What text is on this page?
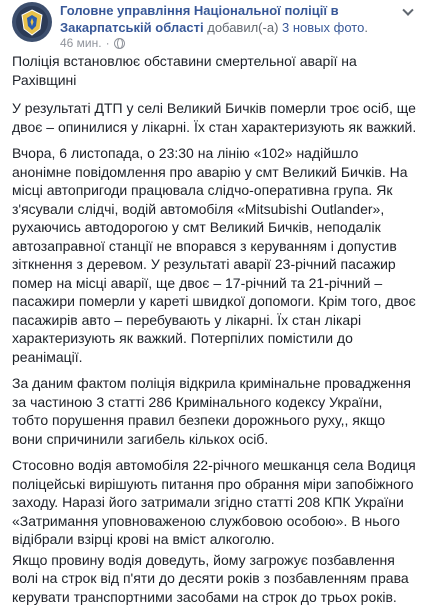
Головне управління Національної поліції в Закарпатській області добавил(-а) 3 новых фото.
46 мин. ·

Поліція встановлює обставини смертельної аварії на Рахівщині

У результаті ДТП у селі Великий Бичків померли троє осіб, ще двоє – опинилися у лікарні. Їх стан характеризують як важкий.

Вчора, 6 листопада, о 23:30 на лінію «102» надійшло анонімне повідомлення про аварію у смт Великий Бичків. На місці автопригоди працювала слідчо-оперативна група. Як з'ясували слідчі, водій автомобіля «Mitsubishi Outlander», рухаючись автодорогою у смт Великий Бичків, неподалік автозаправної станції не впорався з керуванням і допустив зіткнення з деревом. У результаті аварії 23-річний пасажир помер на місці аварії, ще двоє – 17-річний та 21-річний – пасажири померли у кареті швидкої допомоги. Крім того, двоє пасажирів авто – перебувають у лікарні. Їх стан лікарі характеризують як важкий. Потерпілих помістили до реанімації.

За даним фактом поліція відкрила кримінальне провадження за частиною 3 статті 286 Кримінального кодексу України, тобто порушення правил безпеки дорожнього руху,, якщо вони спричинили загибель кількох осіб.

Стосовно водія автомобіля 22-річного мешканця села Водиця поліцейські вирішують питання про обрання міри запобіжного заходу. Наразі його затримали згідно статті 208 КПК України «Затримання уповноваженою службовою особою». В нього відібрали взірці крові на вміст алкоголю.

Якщо провину водія доведуть, йому загрожує позбавлення волі на строк від п'яти до десяти років з позбавленням права керувати транспортними засобами на строк до трьох років.
